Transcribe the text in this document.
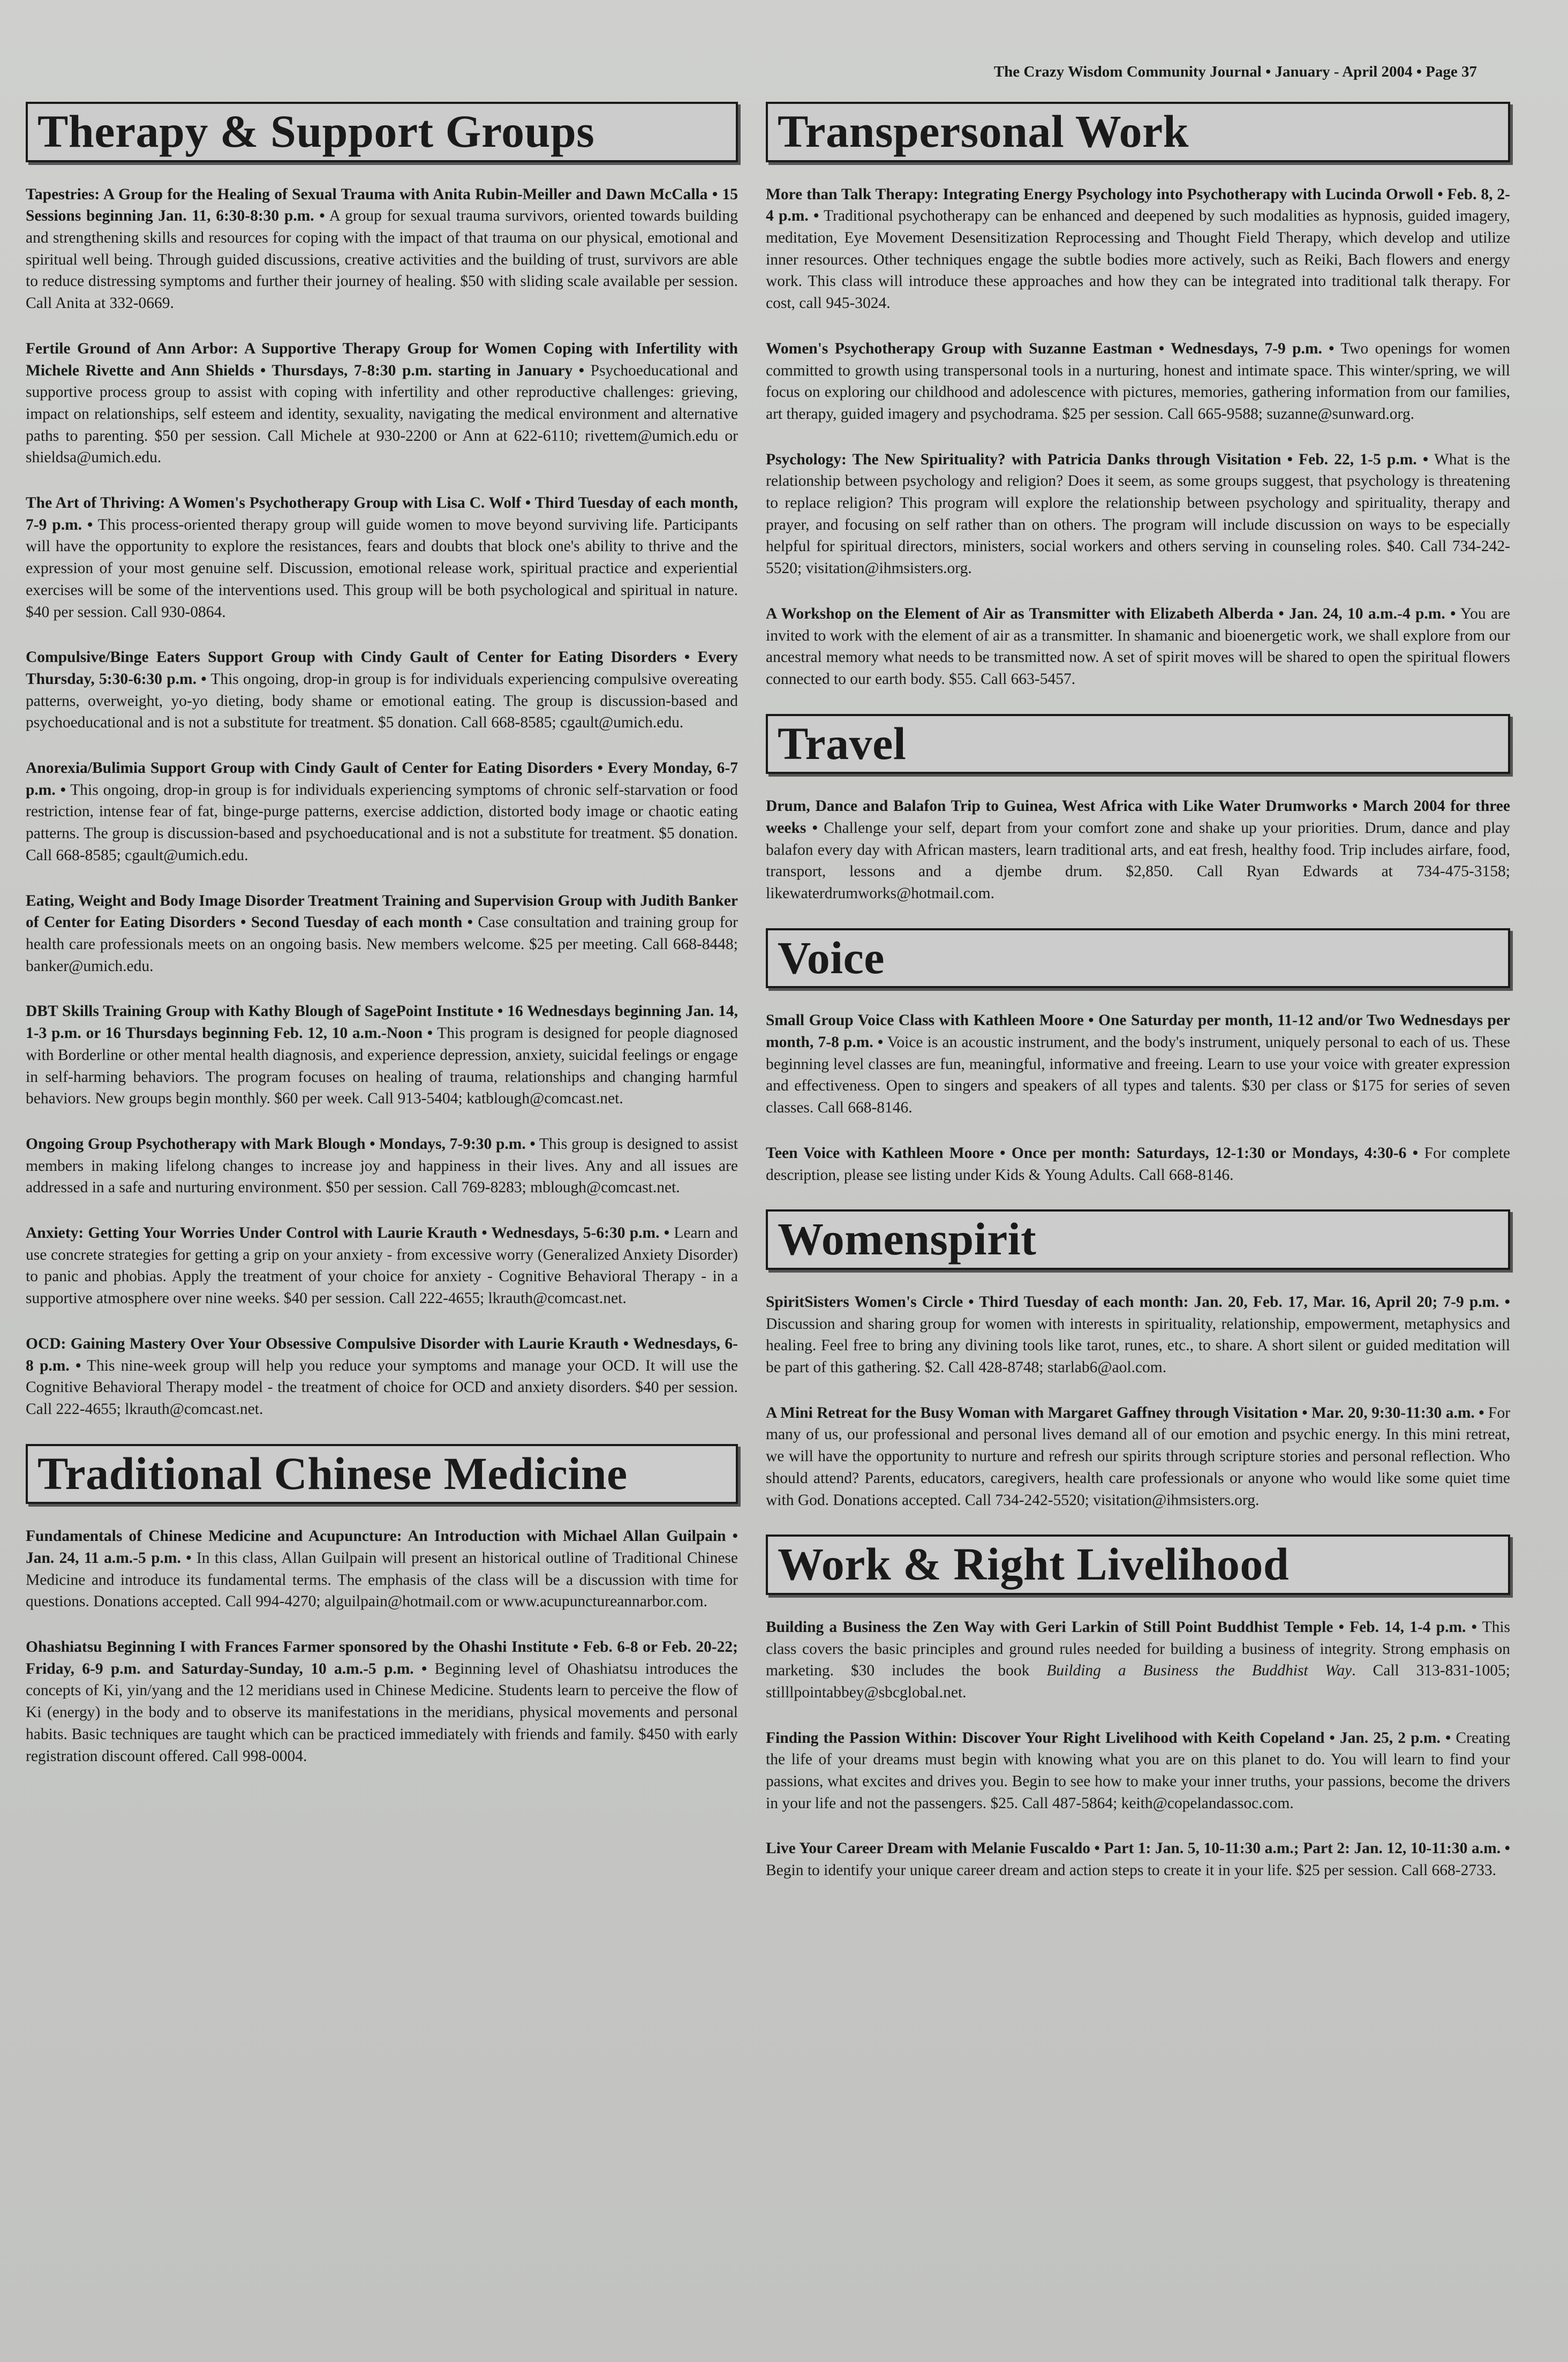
The Crazy Wisdom Community Journal • January - April 2004 • Page 37
Therapy & Support Groups

Tapestries: A Group for the Healing of Sexual Trauma with Anita Rubin-Meiller and Dawn McCalla • 15 Sessions beginning Jan. 11, 6:30-8:30 p.m. • A group for sexual trauma survivors, oriented towards building and strengthening skills and resources for coping with the impact of that trauma on our physical, emotional and spiritual well being. Through guided discussions, creative activities and the building of trust, survivors are able to reduce distressing symptoms and further their journey of healing. $50 with sliding scale available per session. Call Anita at 332-0669.

Fertile Ground of Ann Arbor: A Supportive Therapy Group for Women Coping with Infertility with Michele Rivette and Ann Shields • Thursdays, 7-8:30 p.m. starting in January • Psychoeducational and supportive process group to assist with coping with infertility and other reproductive challenges: grieving, impact on relationships, self esteem and identity, sexuality, navigating the medical environment and alternative paths to parenting. $50 per session. Call Michele at 930-2200 or Ann at 622-6110; rivettem@umich.edu or shieldsa@umich.edu.

The Art of Thriving: A Women's Psychotherapy Group with Lisa C. Wolf • Third Tuesday of each month, 7-9 p.m. • This process-oriented therapy group will guide women to move beyond surviving life. Participants will have the opportunity to explore the resistances, fears and doubts that block one's ability to thrive and the expression of your most genuine self. Discussion, emotional release work, spiritual practice and experiential exercises will be some of the interventions used. This group will be both psychological and spiritual in nature. $40 per session. Call 930-0864.

Compulsive/Binge Eaters Support Group with Cindy Gault of Center for Eating Disorders • Every Thursday, 5:30-6:30 p.m. • This ongoing, drop-in group is for individuals experiencing compulsive overeating patterns, overweight, yo-yo dieting, body shame or emotional eating. The group is discussion-based and psychoeducational and is not a substitute for treatment. $5 donation. Call 668-8585; cgault@umich.edu.

Anorexia/Bulimia Support Group with Cindy Gault of Center for Eating Disorders • Every Monday, 6-7 p.m. • This ongoing, drop-in group is for individuals experiencing symptoms of chronic self-starvation or food restriction, intense fear of fat, binge-purge patterns, exercise addiction, distorted body image or chaotic eating patterns. The group is discussion-based and psychoeducational and is not a substitute for treatment. $5 donation. Call 668-8585; cgault@umich.edu.

Eating, Weight and Body Image Disorder Treatment Training and Supervision Group with Judith Banker of Center for Eating Disorders • Second Tuesday of each month • Case consultation and training group for health care professionals meets on an ongoing basis. New members welcome. $25 per meeting. Call 668-8448; banker@umich.edu.

DBT Skills Training Group with Kathy Blough of SagePoint Institute • 16 Wednesdays beginning Jan. 14, 1-3 p.m. or 16 Thursdays beginning Feb. 12, 10 a.m.-Noon • This program is designed for people diagnosed with Borderline or other mental health diagnosis, and experience depression, anxiety, suicidal feelings or engage in self-harming behaviors. The program focuses on healing of trauma, relationships and changing harmful behaviors. New groups begin monthly. $60 per week. Call 913-5404; katblough@comcast.net.

Ongoing Group Psychotherapy with Mark Blough • Mondays, 7-9:30 p.m. • This group is designed to assist members in making lifelong changes to increase joy and happiness in their lives. Any and all issues are addressed in a safe and nurturing environment. $50 per session. Call 769-8283; mblough@comcast.net.

Anxiety: Getting Your Worries Under Control with Laurie Krauth • Wednesdays, 5-6:30 p.m. • Learn and use concrete strategies for getting a grip on your anxiety - from excessive worry (Generalized Anxiety Disorder) to panic and phobias. Apply the treatment of your choice for anxiety - Cognitive Behavioral Therapy - in a supportive atmosphere over nine weeks. $40 per session. Call 222-4655; lkrauth@comcast.net.

OCD: Gaining Mastery Over Your Obsessive Compulsive Disorder with Laurie Krauth • Wednesdays, 6-8 p.m. • This nine-week group will help you reduce your symptoms and manage your OCD. It will use the Cognitive Behavioral Therapy model - the treatment of choice for OCD and anxiety disorders. $40 per session. Call 222-4655; lkrauth@comcast.net.

Traditional Chinese Medicine

Fundamentals of Chinese Medicine and Acupuncture: An Introduction with Michael Allan Guilpain • Jan. 24, 11 a.m.-5 p.m. • In this class, Allan Guilpain will present an historical outline of Traditional Chinese Medicine and introduce its fundamental terms. The emphasis of the class will be a discussion with time for questions. Donations accepted. Call 994-4270; alguilpain@hotmail.com or www.acupunctureannarbor.com.

Ohashiatsu Beginning I with Frances Farmer sponsored by the Ohashi Institute • Feb. 6-8 or Feb. 20-22; Friday, 6-9 p.m. and Saturday-Sunday, 10 a.m.-5 p.m. • Beginning level of Ohashiatsu introduces the concepts of Ki, yin/yang and the 12 meridians used in Chinese Medicine. Students learn to perceive the flow of Ki (energy) in the body and to observe its manifestations in the meridians, physical movements and personal habits. Basic techniques are taught which can be practiced immediately with friends and family. $450 with early registration discount offered. Call 998-0004.

Transpersonal Work

More than Talk Therapy: Integrating Energy Psychology into Psychotherapy with Lucinda Orwoll • Feb. 8, 2-4 p.m. • Traditional psychotherapy can be enhanced and deepened by such modalities as hypnosis, guided imagery, meditation, Eye Movement Desensitization Reprocessing and Thought Field Therapy, which develop and utilize inner resources. Other techniques engage the subtle bodies more actively, such as Reiki, Bach flowers and energy work. This class will introduce these approaches and how they can be integrated into traditional talk therapy. For cost, call 945-3024.

Women's Psychotherapy Group with Suzanne Eastman • Wednesdays, 7-9 p.m. • Two openings for women committed to growth using transpersonal tools in a nurturing, honest and intimate space. This winter/spring, we will focus on exploring our childhood and adolescence with pictures, memories, gathering information from our families, art therapy, guided imagery and psychodrama. $25 per session. Call 665-9588; suzanne@sunward.org.

Psychology: The New Spirituality? with Patricia Danks through Visitation • Feb. 22, 1-5 p.m. • What is the relationship between psychology and religion? Does it seem, as some groups suggest, that psychology is threatening to replace religion? This program will explore the relationship between psychology and spirituality, therapy and prayer, and focusing on self rather than on others. The program will include discussion on ways to be especially helpful for spiritual directors, ministers, social workers and others serving in counseling roles. $40. Call 734-242-5520; visitation@ihmsisters.org.

A Workshop on the Element of Air as Transmitter with Elizabeth Alberda • Jan. 24, 10 a.m.-4 p.m. • You are invited to work with the element of air as a transmitter. In shamanic and bioenergetic work, we shall explore from our ancestral memory what needs to be transmitted now. A set of spirit moves will be shared to open the spiritual flowers connected to our earth body. $55. Call 663-5457.

Travel

Drum, Dance and Balafon Trip to Guinea, West Africa with Like Water Drumworks • March 2004 for three weeks • Challenge your self, depart from your comfort zone and shake up your priorities. Drum, dance and play balafon every day with African masters, learn traditional arts, and eat fresh, healthy food. Trip includes airfare, food, transport, lessons and a djembe drum. $2,850. Call Ryan Edwards at 734-475-3158; likewaterdrumworks@hotmail.com.

Voice

Small Group Voice Class with Kathleen Moore • One Saturday per month, 11-12 and/or Two Wednesdays per month, 7-8 p.m. • Voice is an acoustic instrument, and the body's instrument, uniquely personal to each of us. These beginning level classes are fun, meaningful, informative and freeing. Learn to use your voice with greater expression and effectiveness. Open to singers and speakers of all types and talents. $30 per class or $175 for series of seven classes. Call 668-8146.

Teen Voice with Kathleen Moore • Once per month: Saturdays, 12-1:30 or Mondays, 4:30-6 • For complete description, please see listing under Kids & Young Adults. Call 668-8146.

Womenspirit

SpiritSisters Women's Circle • Third Tuesday of each month: Jan. 20, Feb. 17, Mar. 16, April 20; 7-9 p.m. • Discussion and sharing group for women with interests in spirituality, relationship, empowerment, metaphysics and healing. Feel free to bring any divining tools like tarot, runes, etc., to share. A short silent or guided meditation will be part of this gathering. $2. Call 428-8748; starlab6@aol.com.

A Mini Retreat for the Busy Woman with Margaret Gaffney through Visitation • Mar. 20, 9:30-11:30 a.m. • For many of us, our professional and personal lives demand all of our emotion and psychic energy. In this mini retreat, we will have the opportunity to nurture and refresh our spirits through scripture stories and personal reflection. Who should attend? Parents, educators, caregivers, health care professionals or anyone who would like some quiet time with God. Donations accepted. Call 734-242-5520; visitation@ihmsisters.org.

Work & Right Livelihood

Building a Business the Zen Way with Geri Larkin of Still Point Buddhist Temple • Feb. 14, 1-4 p.m. • This class covers the basic principles and ground rules needed for building a business of integrity. Strong emphasis on marketing. $30 includes the book Building a Business the Buddhist Way. Call 313-831-1005; stilllpointabbey@sbcglobal.net.

Finding the Passion Within: Discover Your Right Livelihood with Keith Copeland • Jan. 25, 2 p.m. • Creating the life of your dreams must begin with knowing what you are on this planet to do. You will learn to find your passions, what excites and drives you. Begin to see how to make your inner truths, your passions, become the drivers in your life and not the passengers. $25. Call 487-5864; keith@copelandassoc.com.

Live Your Career Dream with Melanie Fuscaldo • Part 1: Jan. 5, 10-11:30 a.m.; Part 2: Jan. 12, 10-11:30 a.m. • Begin to identify your unique career dream and action steps to create it in your life. $25 per session. Call 668-2733.
